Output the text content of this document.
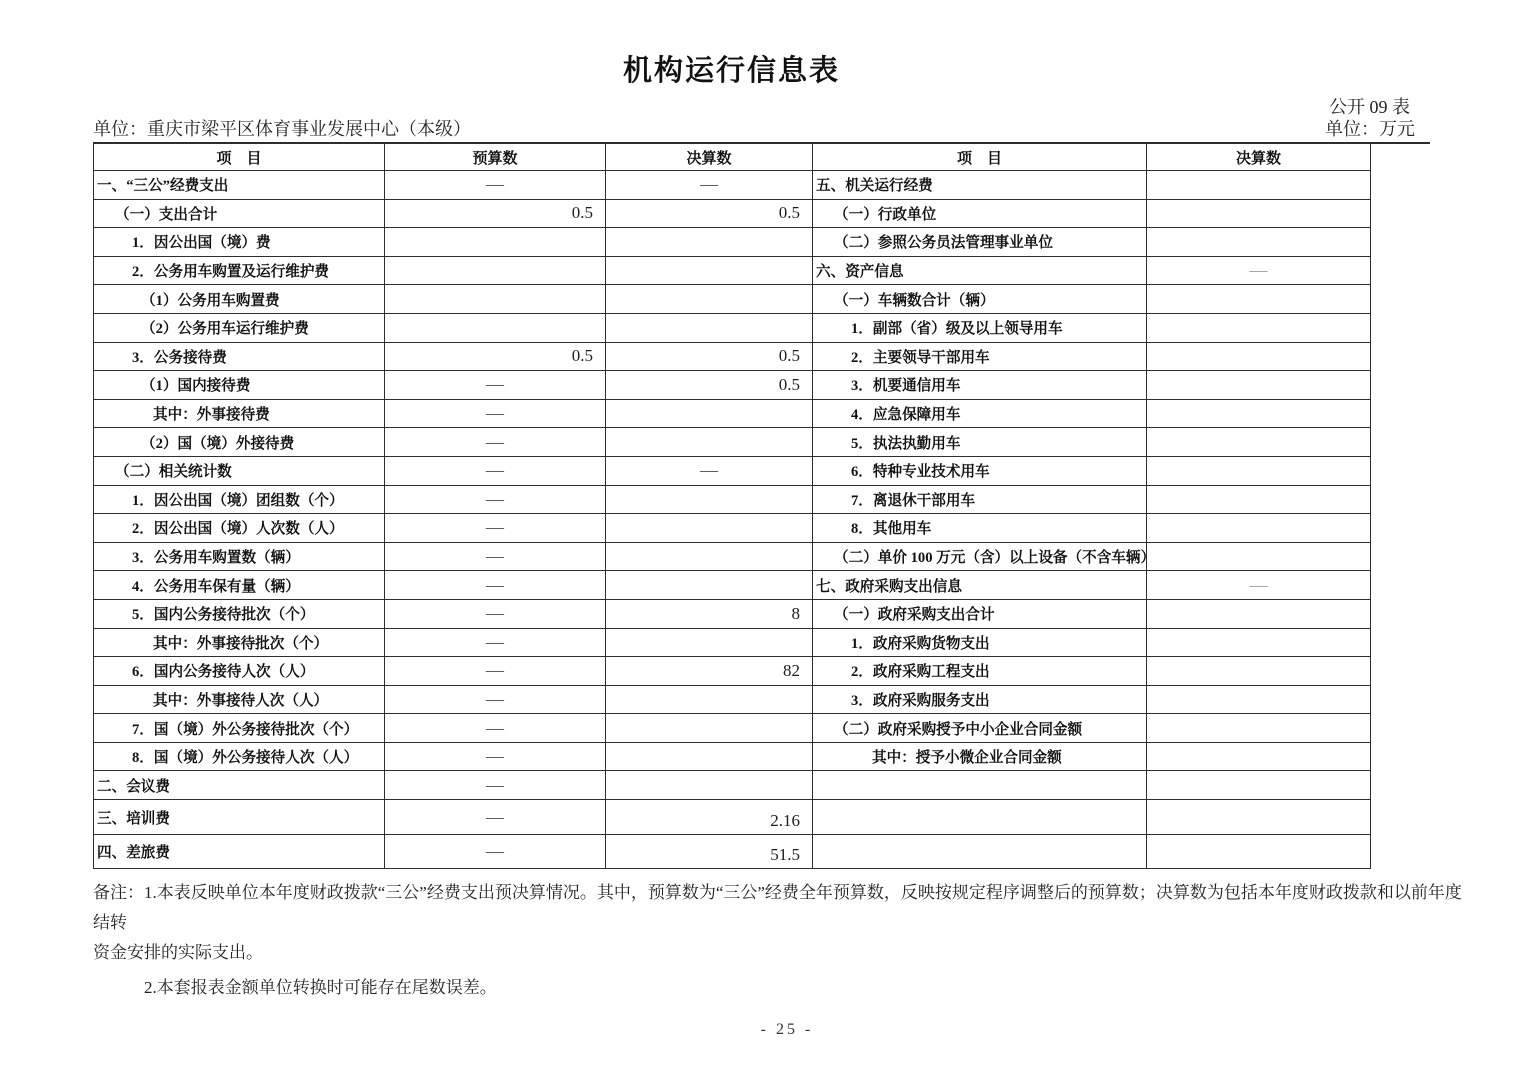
机构运行信息表
公开 09 表
单位：重庆市梁平区体育事业发展中心（本级）	单位：万元
项　目	预算数	决算数	项　目	决算数
一、“三公”经费支出	—	—	五、机关运行经费	
（一）支出合计	0.5	0.5	（一）行政单位	
1．因公出国（境）费			（二）参照公务员法管理事业单位	
2．公务用车购置及运行维护费			六、资产信息	—
（1）公务用车购置费			（一）车辆数合计（辆）	
（2）公务用车运行维护费			1．副部（省）级及以上领导用车	
3．公务接待费	0.5	0.5	2．主要领导干部用车	
（1）国内接待费	—	0.5	3．机要通信用车	
其中：外事接待费	—		4．应急保障用车	
（2）国（境）外接待费	—		5．执法执勤用车	
（二）相关统计数	—	—	6．特种专业技术用车	
1．因公出国（境）团组数（个）	—		7．离退休干部用车	
2．因公出国（境）人次数（人）	—		8．其他用车	
3．公务用车购置数（辆）	—		（二）单价 100 万元（含）以上设备（不含车辆）	
4．公务用车保有量（辆）	—		七、政府采购支出信息	—
5．国内公务接待批次（个）	—	8	（一）政府采购支出合计	
其中：外事接待批次（个）	—		1．政府采购货物支出	
6．国内公务接待人次（人）	—	82	2．政府采购工程支出	
其中：外事接待人次（人）	—		3．政府采购服务支出	
7．国（境）外公务接待批次（个）	—		（二）政府采购授予中小企业合同金额	
8．国（境）外公务接待人次（人）	—		其中：授予小微企业合同金额	
二、会议费	—			
三、培训费	—	2.16		
四、差旅费	—	51.5		

备注：1.本表反映单位本年度财政拨款“三公”经费支出预决算情况。其中，预算数为“三公”经费全年预算数，反映按规定程序调整后的预算数；决算数为包括本年度财政拨款和以前年度结转

资金安排的实际支出。

2.本套报表金额单位转换时可能存在尾数误差。

- 25 -
